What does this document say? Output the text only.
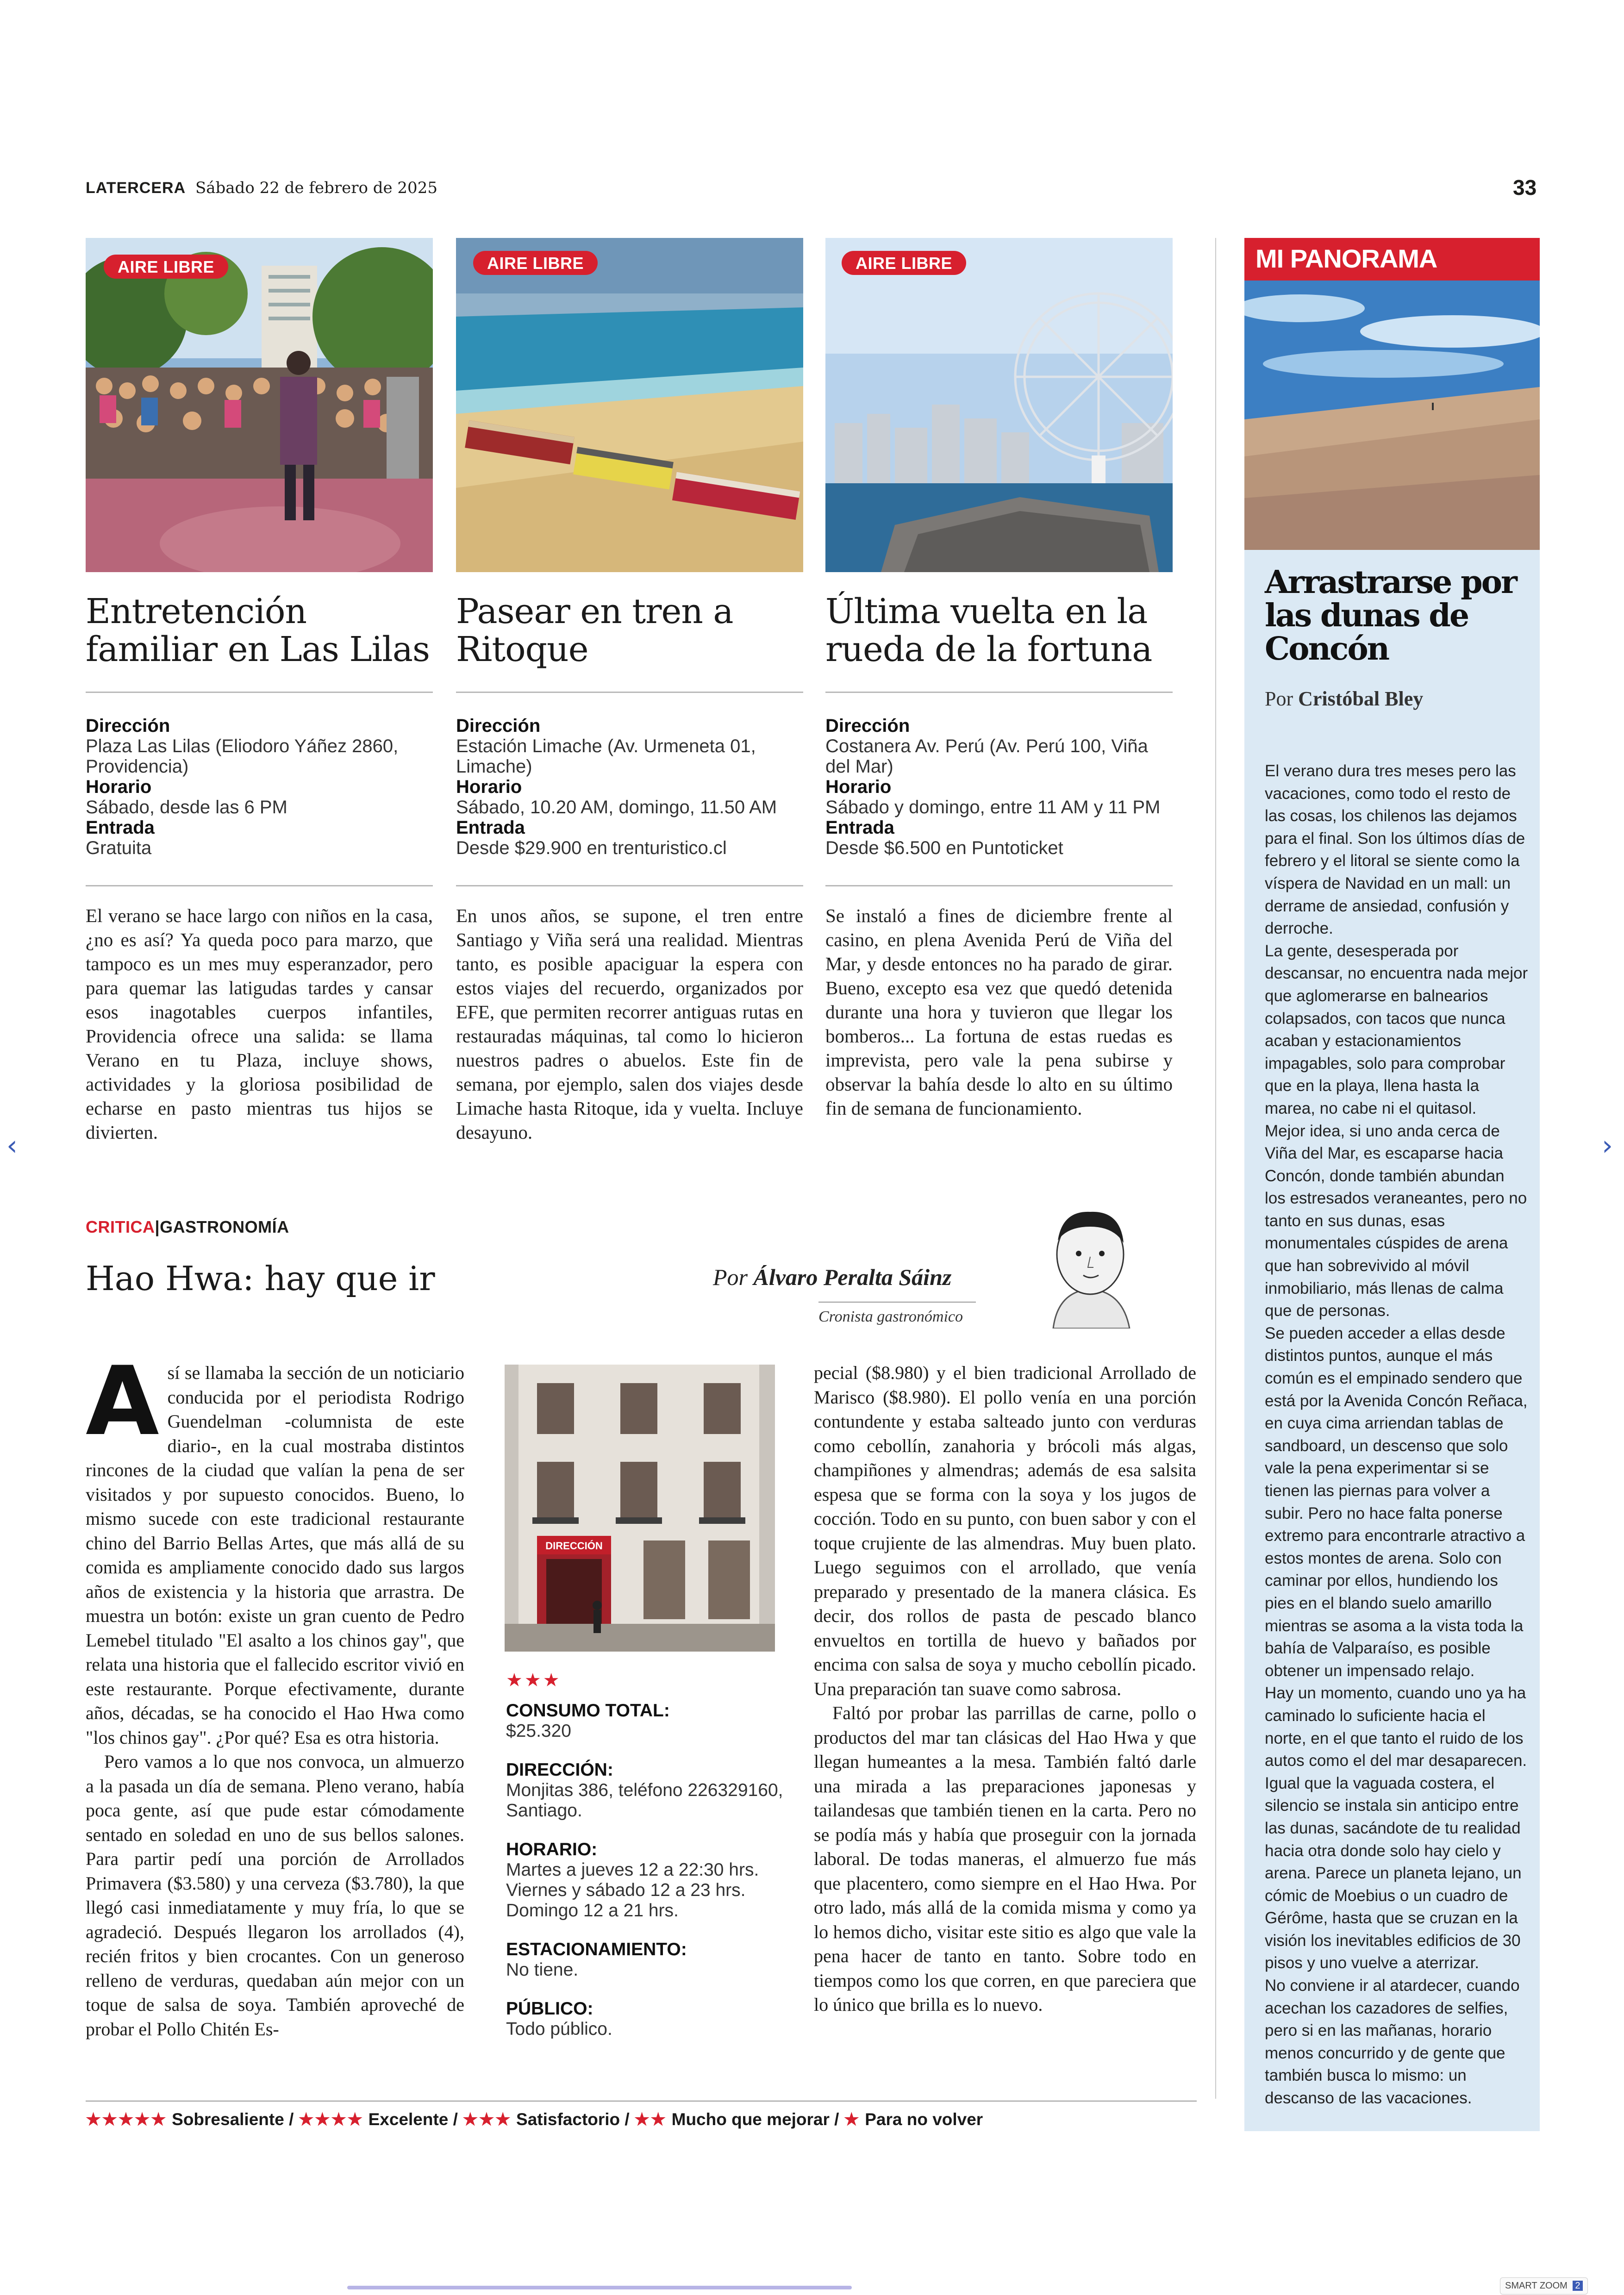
LATERCERA Sábado 22 de febrero de 2025	33
AIRE LIBRE	AIRE LIBRE	AIRE LIBRE
Entretención
familiar en Las Lilas
Dirección
Plaza Las Lilas (Eliodoro Yáñez 2860, Providencia)
Horario
Sábado, desde las 6 PM
Entrada
Gratuita

El verano se hace largo con niños en la casa, ¿no es así? Ya queda poco para marzo, que tampoco es un mes muy esperanzador, pero para quemar las latigudas tardes y cansar esos inagotables cuerpos infantiles, Providencia ofrece una salida: se llama Verano en tu Plaza, incluye shows, actividades y la gloriosa posibilidad de echarse en pasto mientras tus hijos se divierten.

Pasear en tren a
Ritoque
Dirección
Estación Limache (Av. Urmeneta 01, Limache)
Horario
Sábado, 10.20 AM, domingo, 11.50 AM
Entrada
Desde $29.900 en trenturistico.cl

En unos años, se supone, el tren entre Santiago y Viña será una realidad. Mientras tanto, es posible apaciguar la espera con estos viajes del recuerdo, organizados por EFE, que permiten recorrer antiguas rutas en restauradas máquinas, tal como lo hicieron nuestros padres o abuelos. Este fin de semana, por ejemplo, salen dos viajes desde Limache hasta Ritoque, ida y vuelta. Incluye desayuno.

Última vuelta en la
rueda de la fortuna
Dirección
Costanera Av. Perú (Av. Perú 100, Viña del Mar)
Horario
Sábado y domingo, entre 11 AM y 11 PM
Entrada
Desde $6.500 en Puntoticket

Se instaló a fines de diciembre frente al casino, en plena Avenida Perú de Viña del Mar, y desde entonces no ha parado de girar. Bueno, excepto esa vez que quedó detenida durante una hora y tuvieron que llegar los bomberos... La fortuna de estas ruedas es imprevista, pero vale la pena subirse y observar la bahía desde lo alto en su último fin de semana de funcionamiento.

MI PANORAMA
Arrastrarse por
las dunas de
Concón
Por Cristóbal Bley

El verano dura tres meses pero las vacaciones, como todo el resto de las cosas, los chilenos las dejamos para el final. Son los últimos días de febrero y el litoral se siente como la víspera de Navidad en un mall: un derrame de ansiedad, confusión y derroche.

La gente, desesperada por descansar, no encuentra nada mejor que aglomerarse en balnearios colapsados, con tacos que nunca acaban y estacionamientos impagables, solo para comprobar que en la playa, llena hasta la marea, no cabe ni el quitasol.

Mejor idea, si uno anda cerca de Viña del Mar, es escaparse hacia Concón, donde también abundan los estresados veraneantes, pero no tanto en sus dunas, esas monumentales cúspides de arena que han sobrevivido al móvil inmobiliario, más llenas de calma que de personas.

Se pueden acceder a ellas desde distintos puntos, aunque el más común es el empinado sendero que está por la Avenida Concón Reñaca, en cuya cima arriendan tablas de sandboard, un descenso que solo vale la pena experimentar si se tienen las piernas para volver a subir. Pero no hace falta ponerse extremo para encontrarle atractivo a estos montes de arena. Solo con caminar por ellos, hundiendo los pies en el blando suelo amarillo mientras se asoma a la vista toda la bahía de Valparaíso, es posible obtener un impensado relajo.

Hay un momento, cuando uno ya ha caminado lo suficiente hacia el norte, en el que tanto el ruido de los autos como el del mar desaparecen. Igual que la vaguada costera, el silencio se instala sin anticipo entre las dunas, sacándote de tu realidad hacia otra donde solo hay cielo y arena. Parece un planeta lejano, un cómic de Moebius o un cuadro de Gérôme, hasta que se cruzan en la visión los inevitables edificios de 30 pisos y uno vuelve a aterrizar.

No conviene ir al atardecer, cuando acechan los cazadores de selfies, pero si en las mañanas, horario menos concurrido y de gente que también busca lo mismo: un descanso de las vacaciones.

CRITICA|GASTRONOMÍA
Hao Hwa: hay que ir	Por Álvaro Peralta Sáinz
Cronista gastronómico
A sí se llamaba la sección de un noticiario conducida por el periodista Rodrigo Guendelman -columnista de este diario-, en la cual mostraba distintos rincones de la ciudad que valían la pena de ser visitados y por supuesto conocidos. Bueno, lo mismo sucede con este tradicional restaurante chino del Barrio Bellas Artes, que más allá de su comida es ampliamente conocido dado sus largos años de existencia y la historia que arrastra. De muestra un botón: existe un gran cuento de Pedro Lemebel titulado "El asalto a los chinos gay", que relata una historia que el fallecido escritor vivió en este restaurante. Porque efectivamente, durante años, décadas, se ha conocido el Hao Hwa como "los chinos gay". ¿Por qué? Esa es otra historia.

Pero vamos a lo que nos convoca, un almuerzo a la pasada un día de semana. Pleno verano, había poca gente, así que pude estar cómodamente sentado en soledad en uno de sus bellos salones. Para partir pedí una porción de Arrollados Primavera ($3.580) y una cerveza ($3.780), la que llegó casi inmediatamente y muy fría, lo que se agradeció. Después llegaron los arrollados (4), recién fritos y bien crocantes. Con un generoso relleno de verduras, quedaban aún mejor con un toque de salsa de soya. También aproveché de probar el Pollo Chitén Es-

DIRECCIÓN
★★★
CONSUMO TOTAL:
$25.320
DIRECCIÓN:
Monjitas 386, teléfono 226329160, Santiago.
HORARIO:
Martes a jueves 12 a 22:30 hrs. Viernes y sábado 12 a 23 hrs. Domingo 12 a 21 hrs.
ESTACIONAMIENTO:
No tiene.
PÚBLICO:
Todo público.

pecial ($8.980) y el bien tradicional Arrollado de Marisco ($8.980). El pollo venía en una porción contundente y estaba salteado junto con verduras como cebollín, zanahoria y brócoli más algas, champiñones y almendras; además de esa salsita espesa que se forma con la soya y los jugos de cocción. Todo en su punto, con buen sabor y con el toque crujiente de las almendras. Muy buen plato. Luego seguimos con el arrollado, que venía preparado y presentado de la manera clásica. Es decir, dos rollos de pasta de pescado blanco envueltos en tortilla de huevo y bañados por encima con salsa de soya y mucho cebollín picado. Una preparación tan suave como sabrosa.

Faltó por probar las parrillas de carne, pollo o productos del mar tan clásicas del Hao Hwa y que llegan humeantes a la mesa. También faltó darle una mirada a las preparaciones japonesas y tailandesas que también tienen en la carta. Pero no se podía más y había que proseguir con la jornada laboral. De todas maneras, el almuerzo fue más que placentero, como siempre en el Hao Hwa. Por otro lado, más allá de la comida misma y como ya lo hemos dicho, visitar este sitio es algo que vale la pena hacer de tanto en tanto. Sobre todo en tiempos como los que corren, en que pareciera que lo único que brilla es lo nuevo.

★★★★★ Sobresaliente / ★★★★ Excelente / ★★★ Satisfactorio / ★★ Mucho que mejorar / ★ Para no volver
‹	›
SMART ZOOM 2
